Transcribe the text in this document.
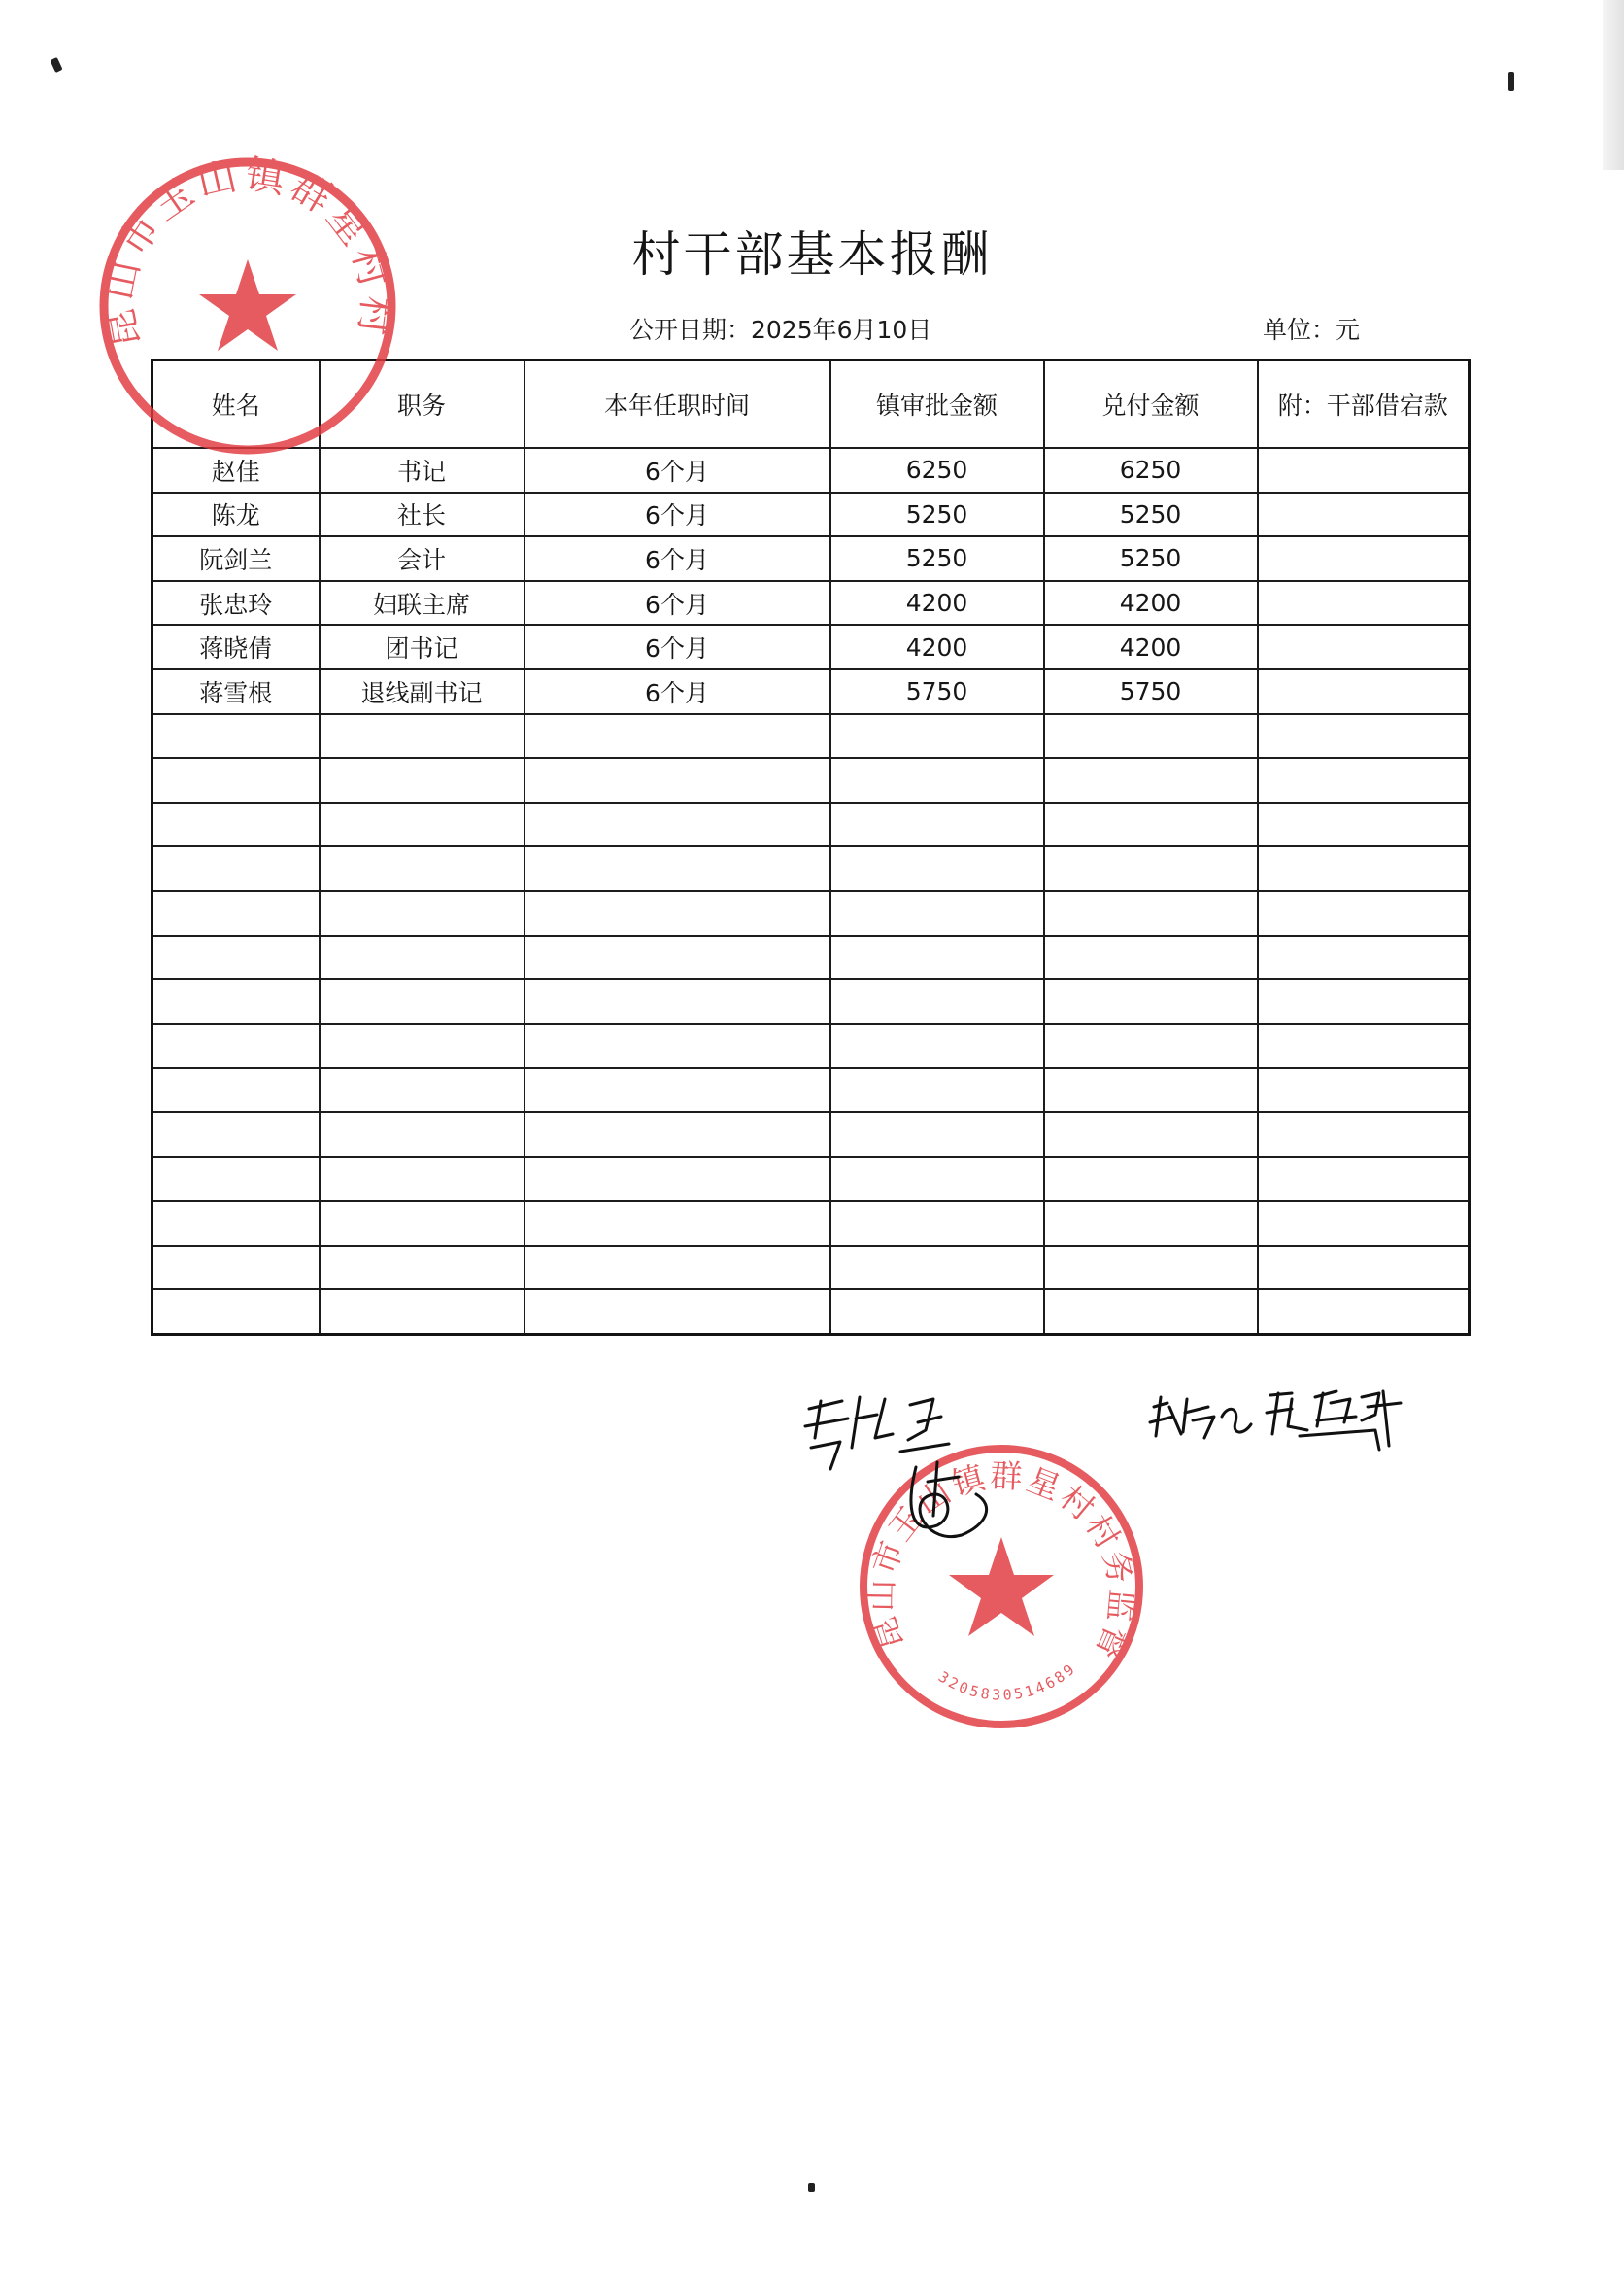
村干部基本报酬
公开日期：2025年6月10日	单位：元
姓名	职务	本年任职时间	镇审批金额	兑付金额	附：干部借宕款
赵佳	书记	6个月	6250	6250	
陈龙	社长	6个月	5250	5250	
阮剑兰	会计	6个月	5250	5250	
张忠玲	妇联主席	6个月	4200	4200	
蒋晓倩	团书记	6个月	4200	4200	
蒋雪根	退线副书记	6个月	5750	5750	

昆山市玉山镇群星村村民委员会
昆山市玉山镇群星村村务监督委员会
3205830514689
